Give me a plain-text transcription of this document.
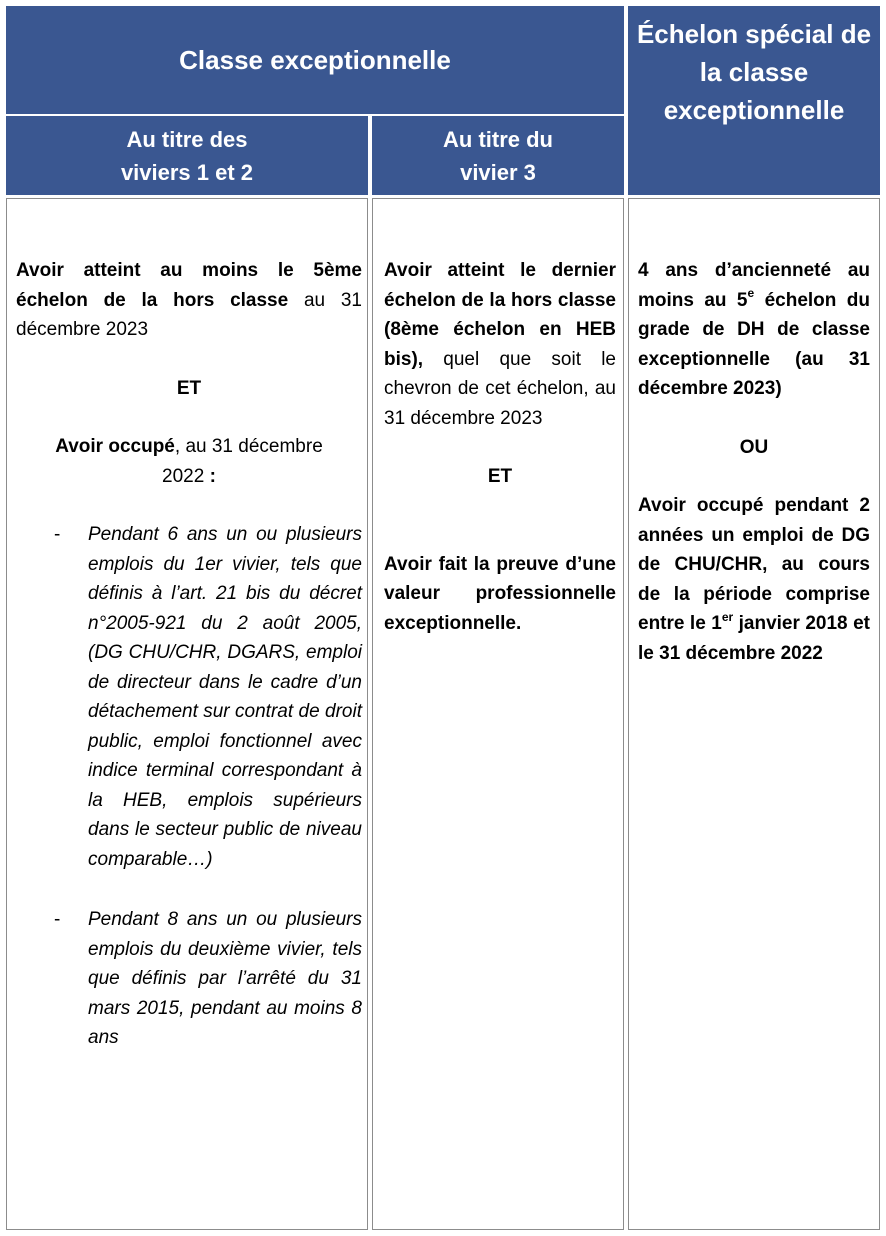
Classe exceptionnelle
Échelon spécial de la classe exceptionnelle
Au titre des viviers 1 et 2
Au titre du vivier 3

Avoir atteint au moins le 5ème échelon de la hors classe au 31 décembre 2023

ET

Avoir occupé, au 31 décembre 2022 :

- Pendant 6 ans un ou plusieurs emplois du 1er vivier, tels que définis à l’art. 21 bis du décret n°2005-921 du 2 août 2005, (DG CHU/CHR, DGARS, emploi de directeur dans le cadre d’un détachement sur contrat de droit public, emploi fonctionnel avec indice terminal correspondant à la HEB, emplois supérieurs dans le secteur public de niveau comparable…)
- Pendant 8 ans un ou plusieurs emplois du deuxième vivier, tels que définis par l’arrêté du 31 mars 2015, pendant au moins 8 ans

Avoir atteint le dernier échelon de la hors classe (8ème échelon en HEB bis), quel que soit le chevron de cet échelon, au 31 décembre 2023

ET

Avoir fait la preuve d’une valeur professionnelle exceptionnelle.

4 ans d’ancienneté au moins au 5e échelon du grade de DH de classe exceptionnelle (au 31 décembre 2023)

OU

Avoir occupé pendant 2 années un emploi de DG de CHU/CHR, au cours de la période comprise entre le 1er janvier 2018 et le 31 décembre 2022
